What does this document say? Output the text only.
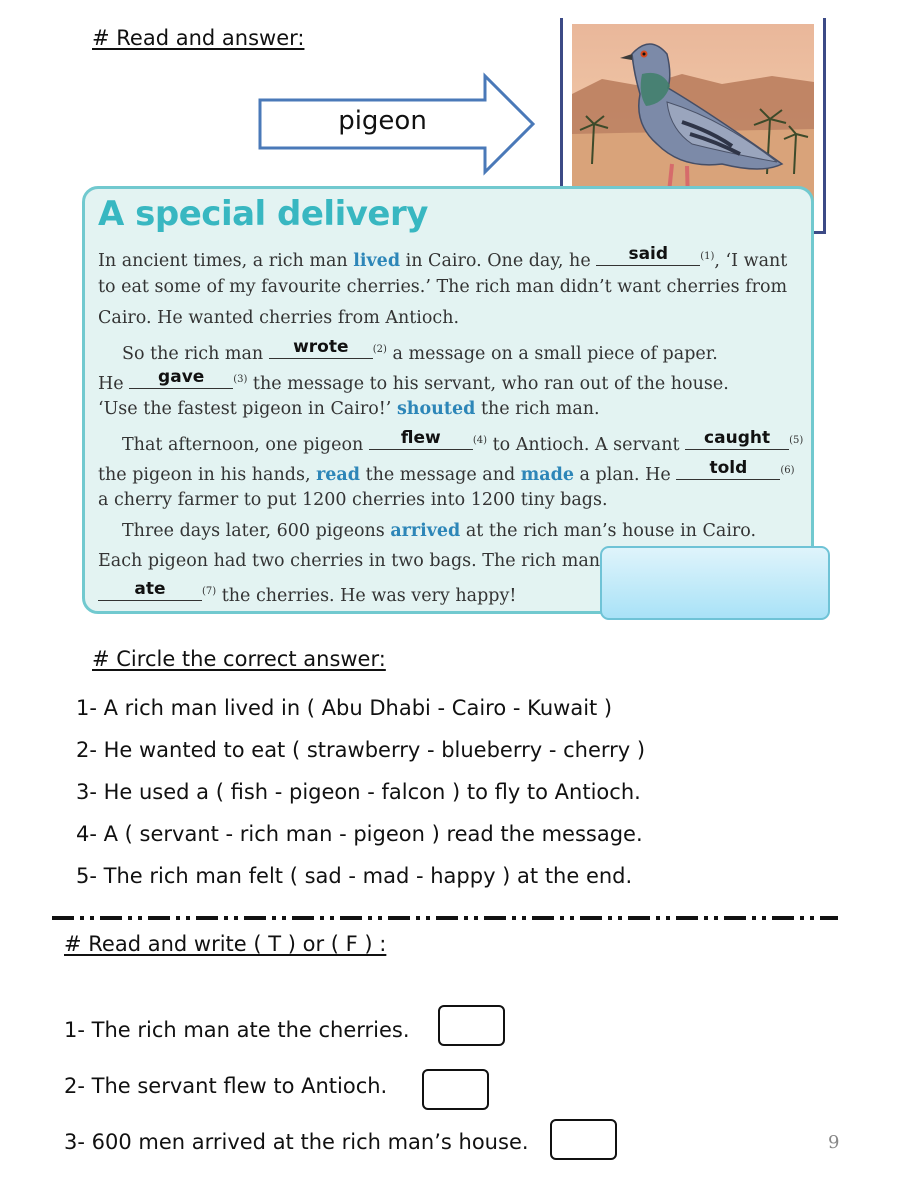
# Read and answer:
pigeon
A special delivery
In ancient times, a rich man lived in Cairo. One day, he	said	$^{(1)}$, ‘I want
to eat some of my favourite cherries.’ The rich man didn’t want cherries from
Cairo. He wanted cherries from Antioch.
So the rich man	wrote	$^{(2)}$ a message on a small piece of paper.
He	gave	$^{(3)}$ the message to his servant, who ran out of the house.
‘Use the fastest pigeon in Cairo!’ shouted the rich man.
That afternoon, one pigeon	flew	$^{(4)}$ to Antioch. A servant	caught	$^{(5)}$
the pigeon in his hands, read the message and made a plan. He	told	$^{(6)}$
a cherry farmer to put 1200 cherries into 1200 tiny bags.
Three days later, 600 pigeons arrived at the rich man’s house in Cairo.
Each pigeon had two cherries in two bags. The rich man
ate	$^{(7)}$ the cherries. He was very happy!
# Circle the correct answer:
1- A rich man lived in ( Abu Dhabi - Cairo - Kuwait )
2- He wanted to eat ( strawberry - blueberry - cherry )
3- He used a ( fish - pigeon - falcon ) to fly to Antioch.
4- A ( servant - rich man - pigeon ) read the message.
5- The rich man felt ( sad - mad - happy ) at the end.
# Read and write ( T ) or ( F ) :
1- The rich man ate the cherries.
2- The servant flew to Antioch.
3- 600 men arrived at the rich man’s house.	9
